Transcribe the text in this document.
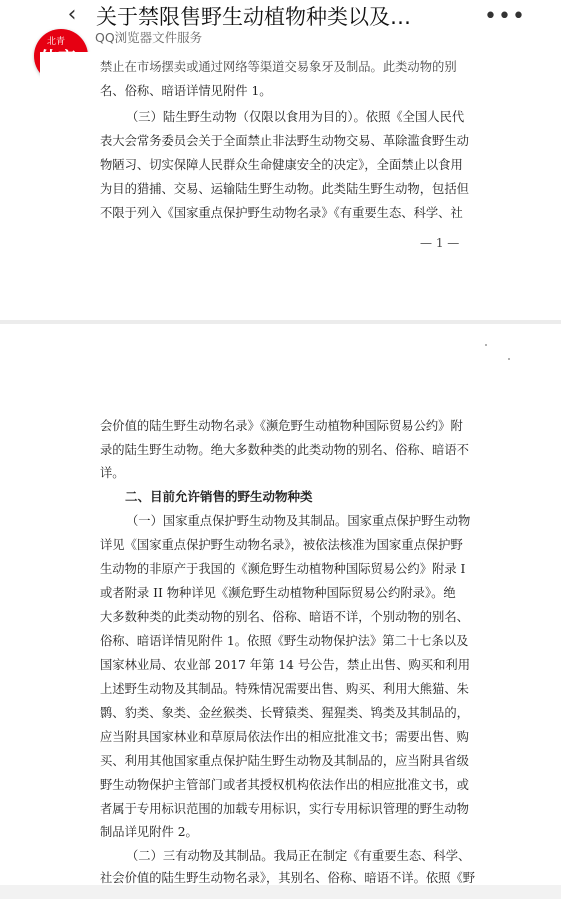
‹ 关于禁限售野生动植物种类以及…
QQ浏览器文件服务
•••
北青
禁止在市场摆卖或通过网络等渠道交易象牙及制品。此类动物的别
名、俗称、暗语详情见附件 1。
（三）陆生野生动物（仅限以食用为目的）。依照《全国人民代
表大会常务委员会关于全面禁止非法野生动物交易、革除滥食野生动
物陋习、切实保障人民群众生命健康安全的决定》，全面禁止以食用
为目的猎捕、交易、运输陆生野生动物。此类陆生野生动物，包括但
不限于列入《国家重点保护野生动物名录》《有重要生态、科学、社
— 1 —
会价值的陆生野生动物名录》《濒危野生动植物种国际贸易公约》附
录的陆生野生动物。绝大多数种类的此类动物的别名、俗称、暗语不
详。
二、目前允许销售的野生动物种类
（一）国家重点保护野生动物及其制品。国家重点保护野生动物
详见《国家重点保护野生动物名录》，被依法核准为国家重点保护野
生动物的非原产于我国的《濒危野生动植物种国际贸易公约》附录 I
或者附录 II 物种详见《濒危野生动植物种国际贸易公约附录》。绝
大多数种类的此类动物的别名、俗称、暗语不详，个别动物的别名、
俗称、暗语详情见附件 1。依照《野生动物保护法》第二十七条以及
国家林业局、农业部 2017 年第 14 号公告，禁止出售、购买和利用
上述野生动物及其制品。特殊情况需要出售、购买、利用大熊猫、朱
鹮、豹类、象类、金丝猴类、长臂猿类、猩猩类、鸨类及其制品的，
应当附具国家林业和草原局依法作出的相应批准文书；需要出售、购
买、利用其他国家重点保护陆生野生动物及其制品的，应当附具省级
野生动物保护主管部门或者其授权机构依法作出的相应批准文书，或
者属于专用标识范围的加载专用标识，实行专用标识管理的野生动物
制品详见附件 2。
（二）三有动物及其制品。我局正在制定《有重要生态、科学、
社会价值的陆生野生动物名录》，其别名、俗称、暗语不详。依照《野
